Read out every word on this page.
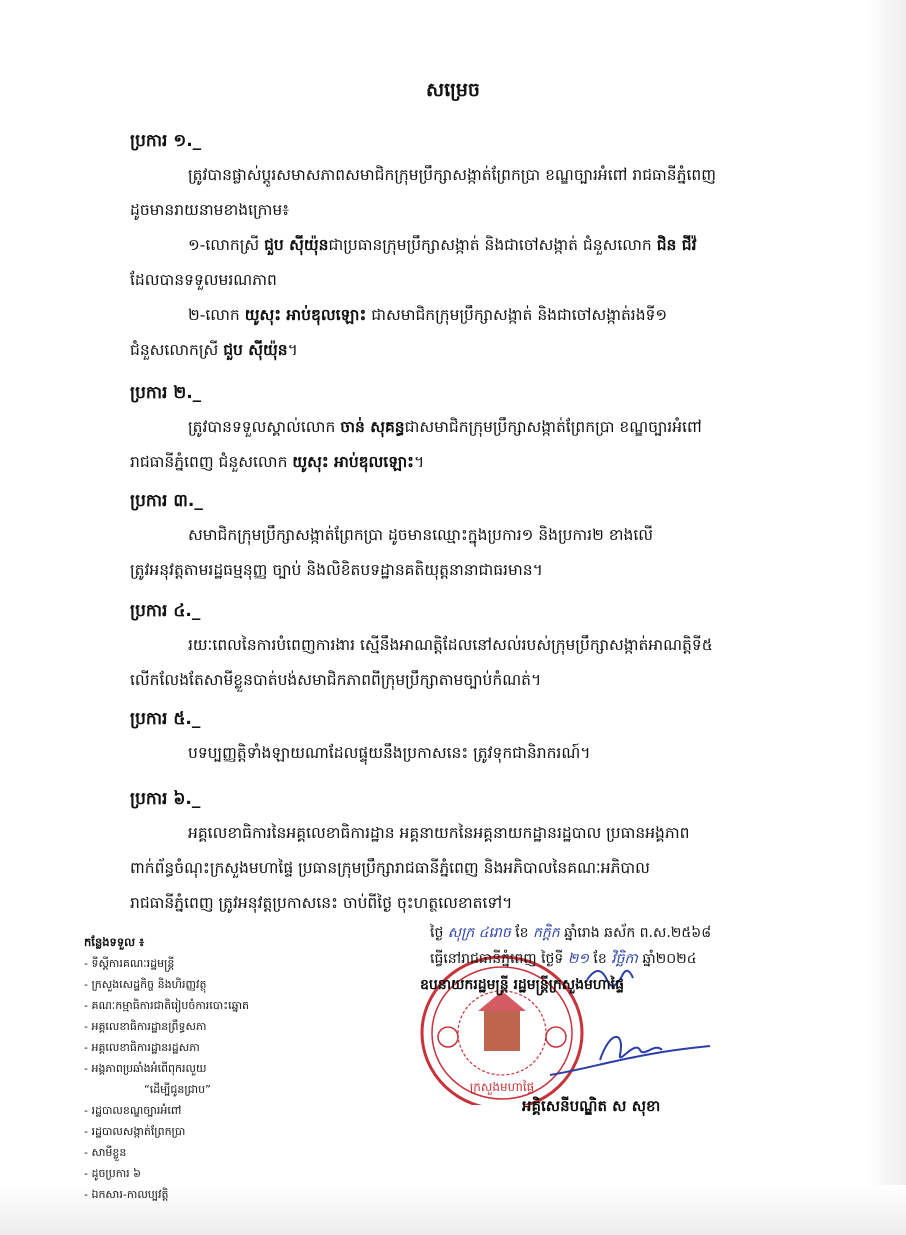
សម្រេច
ប្រការ ១._
ត្រូវបានផ្លាស់ប្តូរសមាសភាពសមាជិកក្រុមប្រឹក្សាសង្កាត់ព្រែកប្រា ខណ្ឌច្បារអំពៅ រាជធានីភ្នំពេញ
ដូចមានរាយនាមខាងក្រោម៖
១-លោកស្រី ជួប ស៊ីយ៉ុនជាប្រធានក្រុមប្រឹក្សាសង្កាត់ និងជាចៅសង្កាត់ ជំនួសលោក ជិន ជីវ៉
ដែលបានទទួលមរណភាព
២-លោក យូសុះ អាប់ឌុលឡោះ ជាសមាជិកក្រុមប្រឹក្សាសង្កាត់ និងជាចៅសង្កាត់រងទី១
ជំនួសលោកស្រី ជួប ស៊ីយ៉ុន។
ប្រការ ២._
ត្រូវបានទទួលស្គាល់លោក ចាន់ សុគន្ធជាសមាជិកក្រុមប្រឹក្សាសង្កាត់ព្រែកប្រា ខណ្ឌច្បារអំពៅ
រាជធានីភ្នំពេញ ជំនួសលោក យូសុះ អាប់ឌុលឡោះ។
ប្រការ ៣._
សមាជិកក្រុមប្រឹក្សាសង្កាត់ព្រែកប្រា ដូចមានឈ្មោះក្នុងប្រការ១ និងប្រការ២ ខាងលើ
ត្រូវអនុវត្តតាមរដ្ឋធម្មនុញ្ញ ច្បាប់ និងលិខិតបទដ្ឋានគតិយុត្តនានាជាធរមាន។
ប្រការ ៤._
រយៈពេលនៃការបំពេញការងារ ស្មើនឹងអាណត្តិដែលនៅសល់របស់ក្រុមប្រឹក្សាសង្កាត់អាណត្តិទី៥
លើកលែងតែសាមីខ្លួនបាត់បង់សមាជិកភាពពីក្រុមប្រឹក្សាតាមច្បាប់កំណត់។
ប្រការ ៥._
បទប្បញ្ញត្តិទាំងឡាយណាដែលផ្ទុយនឹងប្រកាសនេះ ត្រូវទុកជានិរាករណ៍។
ប្រការ ៦._
អគ្គលេខាធិការនៃអគ្គលេខាធិការដ្ឋាន អគ្គនាយកនៃអគ្គនាយកដ្ឋានរដ្ឋបាល ប្រធានអង្គភាព
ពាក់ព័ន្ធចំណុះក្រសួងមហាផ្ទៃ ប្រធានក្រុមប្រឹក្សារាជធានីភ្នំពេញ និងអភិបាលនៃគណៈអភិបាល
រាជធានីភ្នំពេញ ត្រូវអនុវត្តប្រកាសនេះ ចាប់ពីថ្ងៃ ចុះហត្ថលេខាតទៅ។
ក្រសួងមហាផ្ទៃ
ថ្ងៃ សុក្រ ៤រោច ខែ កក្ដិក ឆ្នាំរោង ឆស័ក ព.ស.២៥៦៨
ធ្វើនៅរាជធានីភ្នំពេញ ថ្ងៃទី ២១ ខែ វិច្ឆិកា ឆ្នាំ២០២៤
ឧបនាយករដ្ឋមន្ត្រី រដ្ឋមន្ត្រីក្រសួងមហាផ្ទៃ
អគ្គិសេនីបណ្ឌិត ស សុខា
កន្លែងទទួល ៖
- ទីស្តីការគណៈរដ្ឋមន្ត្រី
- ក្រសួងសេដ្ឋកិច្ច និងហិរញ្ញវត្ថុ
- គណៈកម្មាធិការជាតិរៀបចំការបោះឆ្នោត
- អគ្គលេខាធិការដ្ឋានព្រឹទ្ធសភា
- អគ្គលេខាធិការដ្ឋានរដ្ឋសភា
- អង្គភាពប្រឆាំងអំពើពុករលួយ
“ដើម្បីជូនជ្រាប”
- រដ្ឋបាលខណ្ឌច្បារអំពៅ
- រដ្ឋបាលសង្កាត់ព្រែកប្រា
- សាមីខ្លួន
- ដូចប្រការ ៦
- ឯកសារ-កាលប្បវត្តិ
